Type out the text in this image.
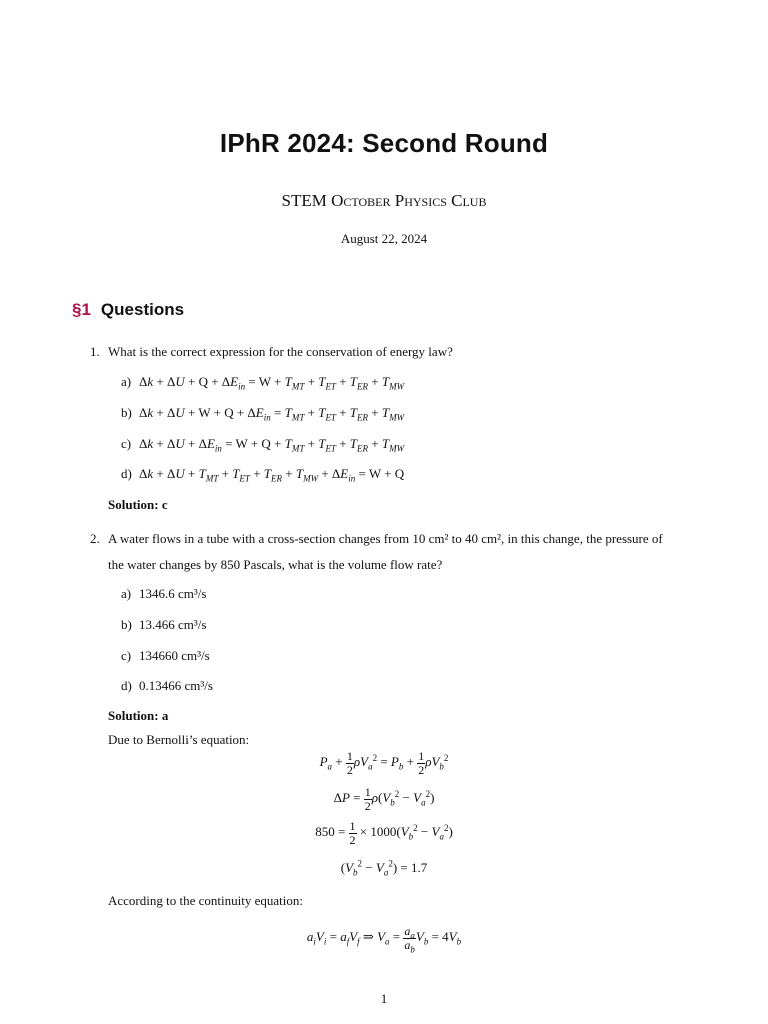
IPhR 2024: Second Round
STEM October Physics Club
August 22, 2024
§1 Questions
1. What is the correct expression for the conservation of energy law?
a) $\Delta k + \Delta U + Q + \Delta E_{in} = W + T_{MT} + T_{ET} + T_{ER} + T_{MW}$
b) $\Delta k + \Delta U + W + Q + \Delta E_{in} = T_{MT} + T_{ET} + T_{ER} + T_{MW}$
c) $\Delta k + \Delta U + \Delta E_{in} = W + Q + T_{MT} + T_{ET} + T_{ER} + T_{MW}$
d) $\Delta k + \Delta U + T_{MT} + T_{ET} + T_{ER} + T_{MW} + \Delta E_{in} = W + Q$
Solution: c
2. A water flows in a tube with a cross-section changes from 10 cm² to 40 cm², in this change, the pressure of
the water changes by 850 Pascals, what is the volume flow rate?
a) 1346.6 cm³/s
b) 13.466 cm³/s
c) 134660 cm³/s
d) 0.13466 cm³/s
Solution: a
Due to Bernolli’s equation:
$P_a + \frac{1}{2} \rho V_a^2 = P_b + \frac{1}{2} \rho V_b^2$
$\Delta P = \frac{1}{2} \rho(V_b^2 - V_a^2)$
$850 = \frac{1}{2} \times 1000(V_b^2 - V_a^2)$
$(V_b^2 - V_a^2) = 1.7$
According to the continuity equation:
$a_iV_i = a_fV_f$ ⇒ $V_a = \frac{a_a}{a_b} V_b = 4V_b$
1
